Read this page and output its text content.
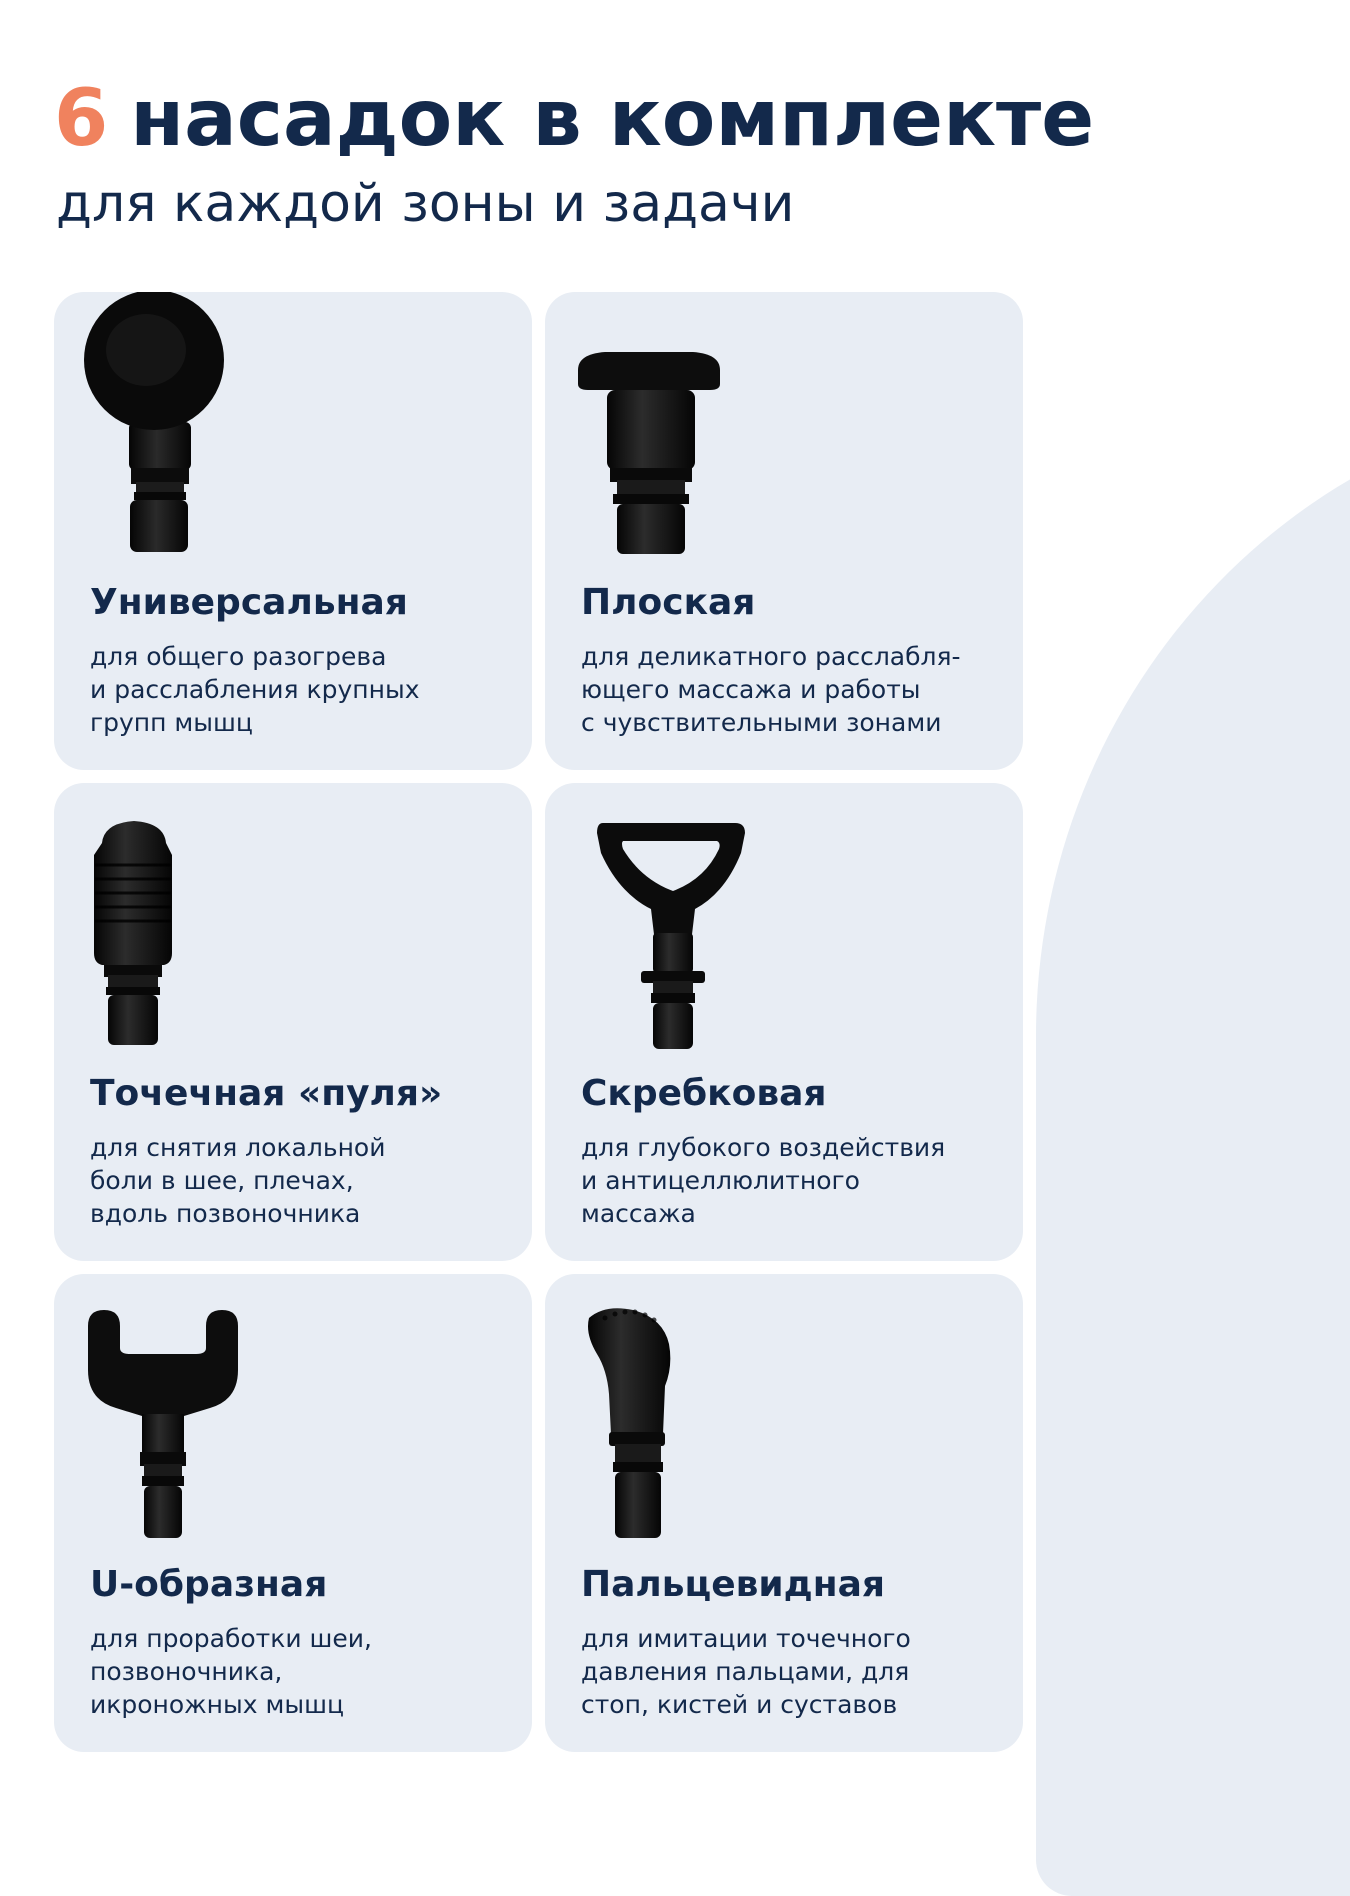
6 насадок в комплекте
для каждой зоны и задачи
Универсальная
для общего разогрева
и расслабления крупных
групп мышц
Плоская
для деликатного расслабля-
ющего массажа и работы
с чувствительными зонами
Точечная «пуля»
для снятия локальной
боли в шее, плечах,
вдоль позвоночника
Скребковая
для глубокого воздействия
и антицеллюлитного
массажа
U-образная
для проработки шеи,
позвоночника,
икроножных мышц
Пальцевидная
для имитации точечного
давления пальцами, для
стоп, кистей и суставов
